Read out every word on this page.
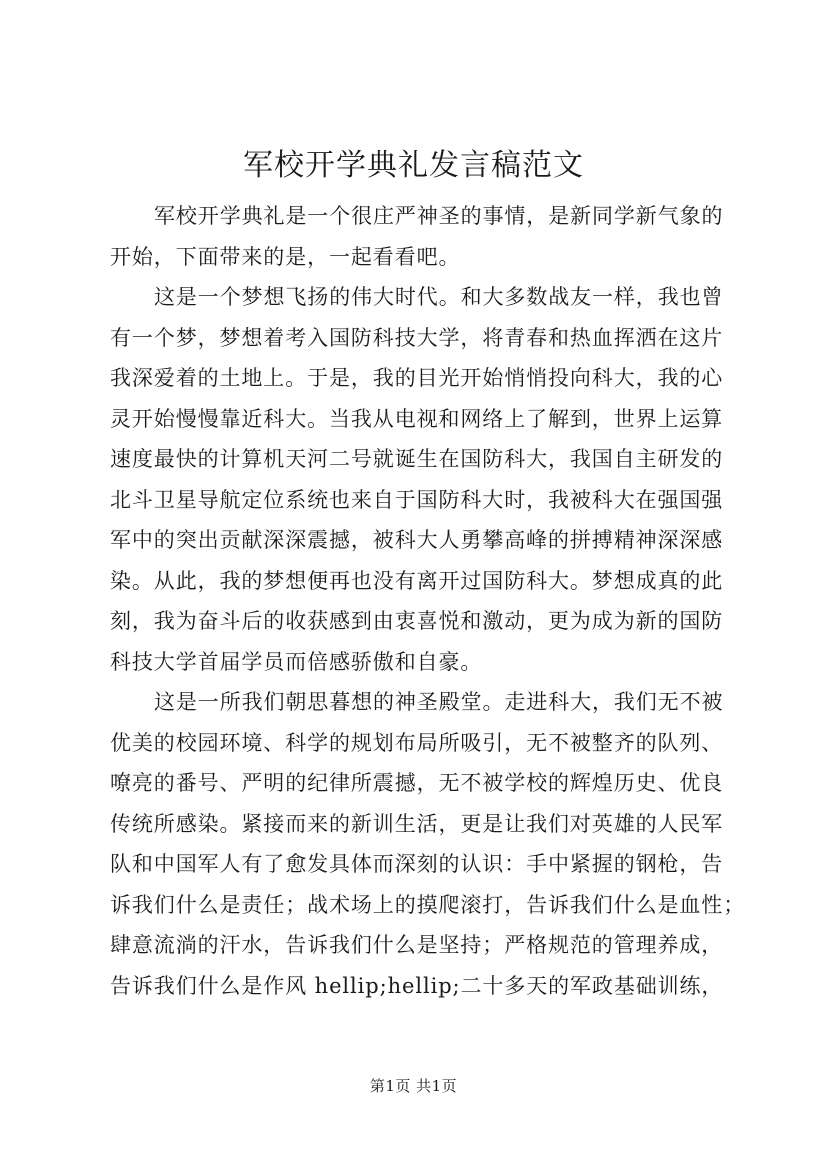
军校开学典礼发言稿范文
军校开学典礼是一个很庄严神圣的事情，是新同学新气象的
开始，下面带来的是，一起看看吧。
这是一个梦想飞扬的伟大时代。和大多数战友一样，我也曾
有一个梦，梦想着考入国防科技大学，将青春和热血挥洒在这片
我深爱着的土地上。于是，我的目光开始悄悄投向科大，我的心
灵开始慢慢靠近科大。当我从电视和网络上了解到，世界上运算
速度最快的计算机天河二号就诞生在国防科大，我国自主研发的
北斗卫星导航定位系统也来自于国防科大时，我被科大在强国强
军中的突出贡献深深震撼，被科大人勇攀高峰的拼搏精神深深感
染。从此，我的梦想便再也没有离开过国防科大。梦想成真的此
刻，我为奋斗后的收获感到由衷喜悦和激动，更为成为新的国防
科技大学首届学员而倍感骄傲和自豪。
这是一所我们朝思暮想的神圣殿堂。走进科大，我们无不被
优美的校园环境、科学的规划布局所吸引，无不被整齐的队列、
嘹亮的番号、严明的纪律所震撼，无不被学校的辉煌历史、优良
传统所感染。紧接而来的新训生活，更是让我们对英雄的人民军
队和中国军人有了愈发具体而深刻的认识：手中紧握的钢枪，告
诉我们什么是责任；战术场上的摸爬滚打，告诉我们什么是血性；
肆意流淌的汗水，告诉我们什么是坚持；严格规范的管理养成，
告诉我们什么是作风 hellip;hellip;二十多天的军政基础训练，
第1页 共1页
